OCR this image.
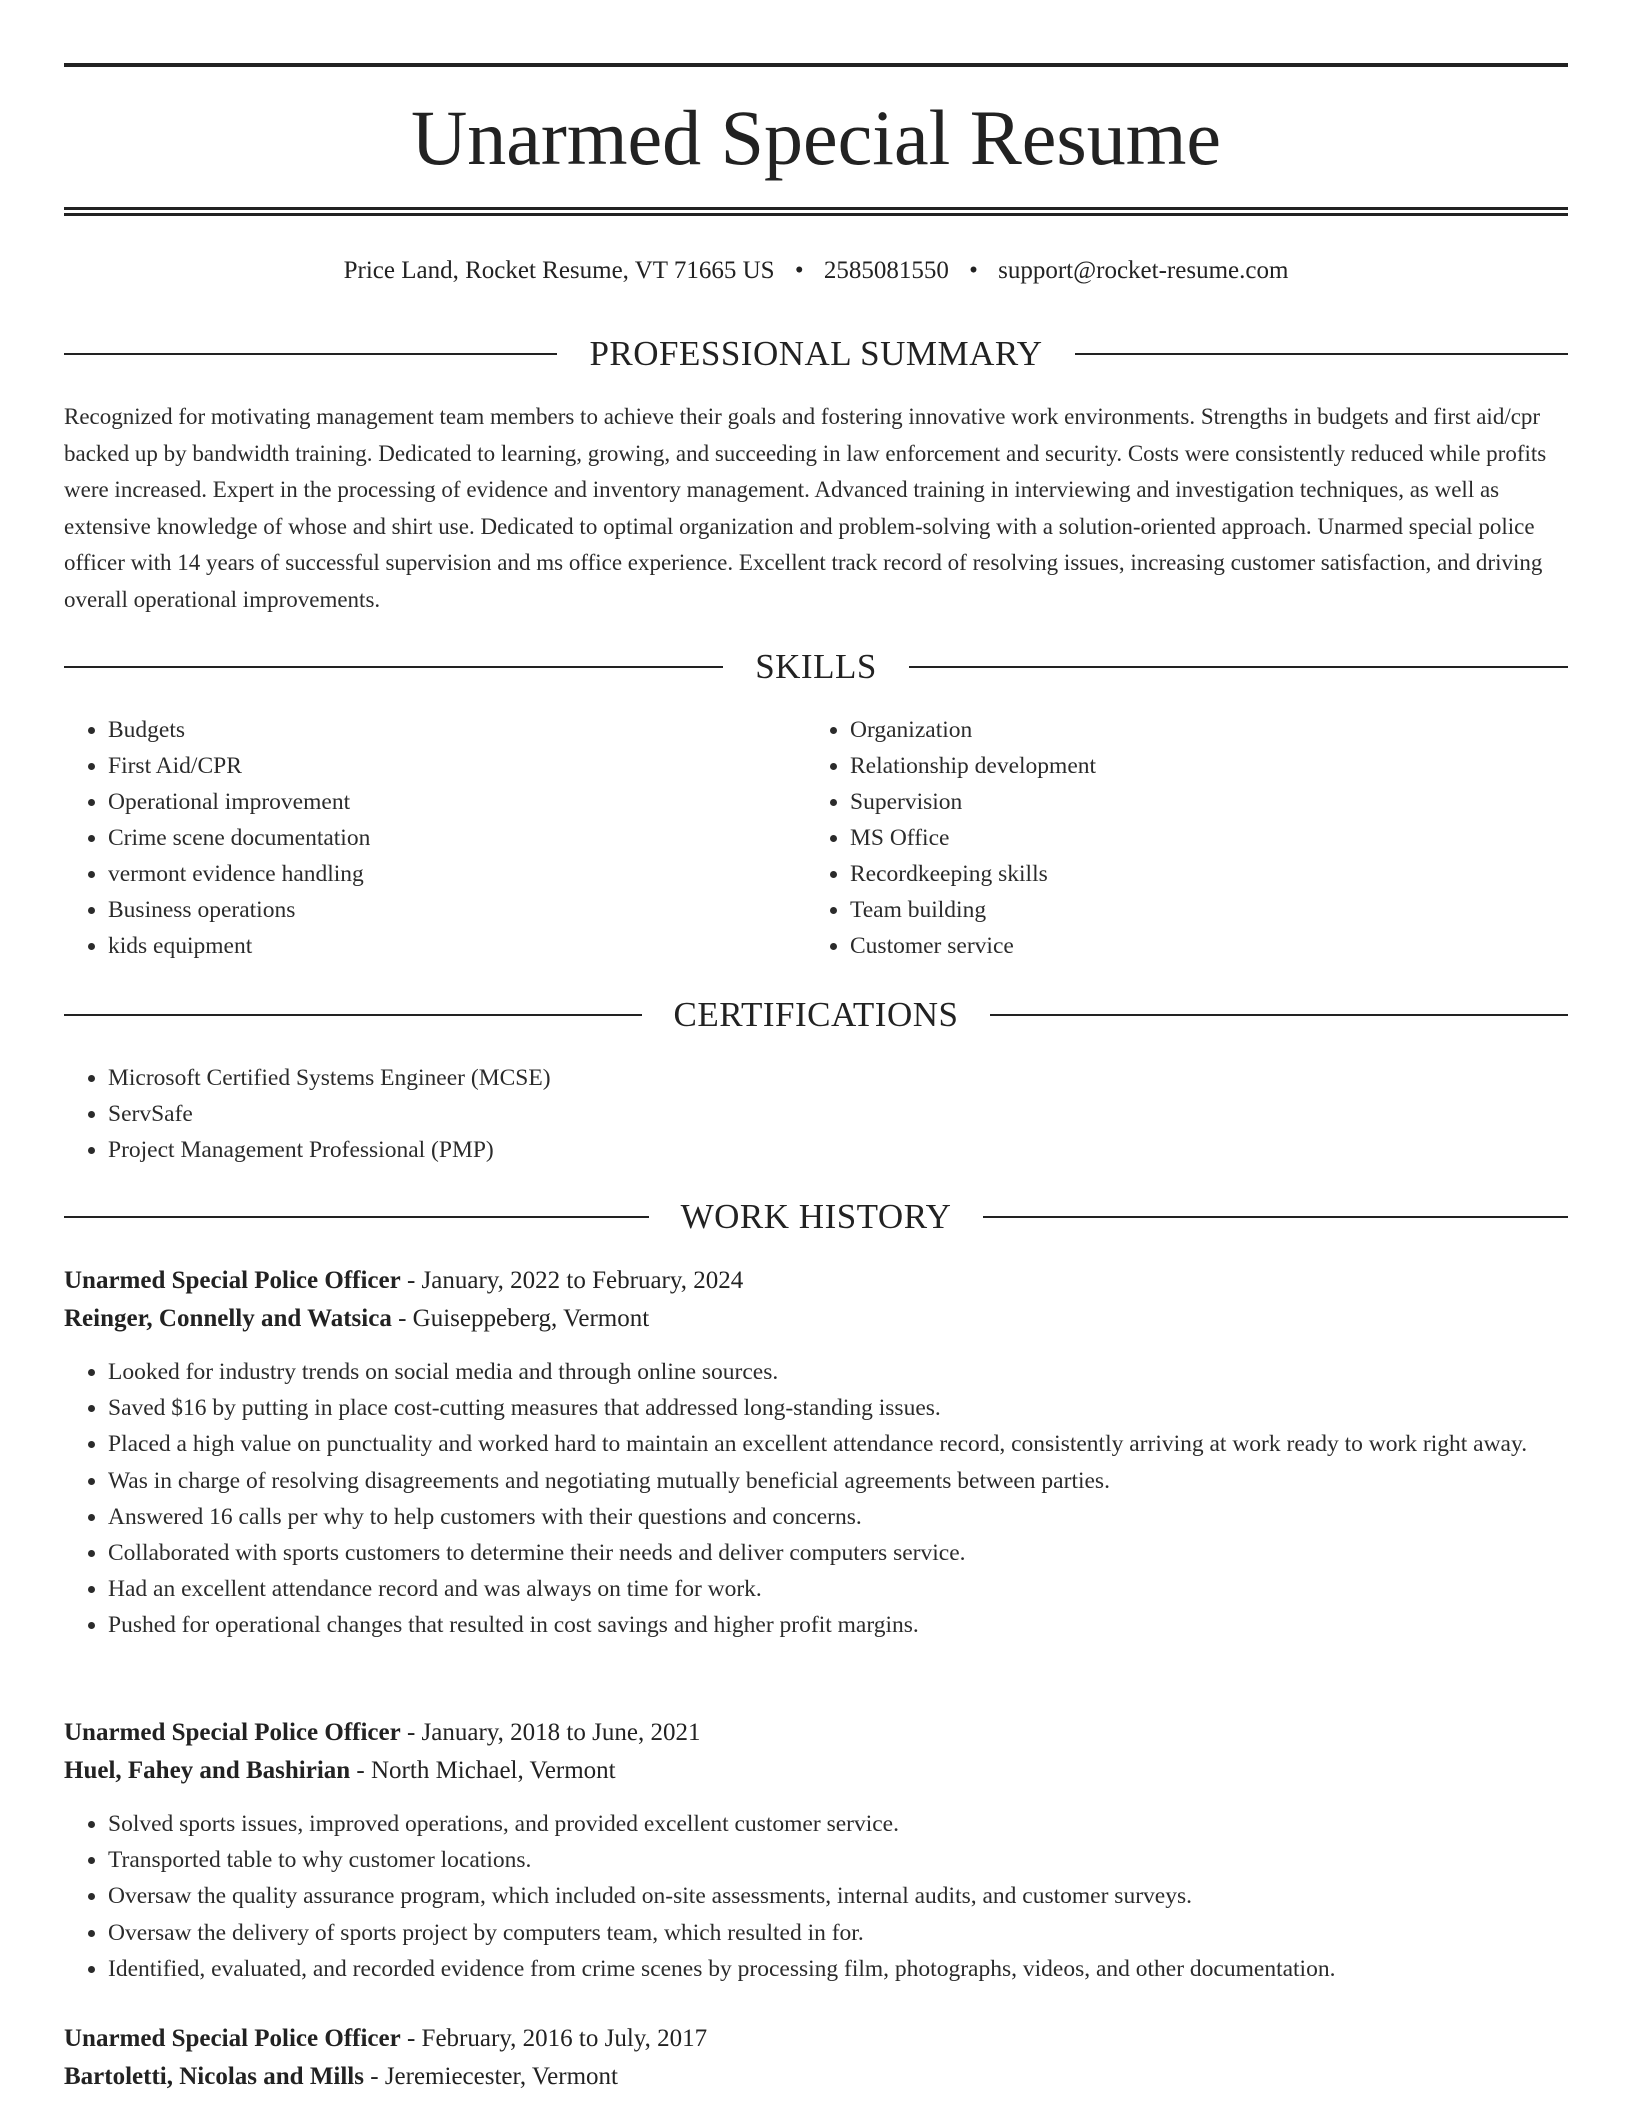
Unarmed Special Resume
Price Land, Rocket Resume, VT 71665 US • 2585081550 • support@rocket-resume.com
PROFESSIONAL SUMMARY

Recognized for motivating management team members to achieve their goals and fostering innovative work environments. Strengths in budgets and first aid/cpr backed up by bandwidth training. Dedicated to learning, growing, and succeeding in law enforcement and security. Costs were consistently reduced while profits were increased. Expert in the processing of evidence and inventory management. Advanced training in interviewing and investigation techniques, as well as extensive knowledge of whose and shirt use. Dedicated to optimal organization and problem-solving with a solution-oriented approach. Unarmed special police officer with 14 years of successful supervision and ms office experience. Excellent track record of resolving issues, increasing customer satisfaction, and driving overall operational improvements.

SKILLS
• Budgets
• First Aid/CPR
• Operational improvement
• Crime scene documentation
• vermont evidence handling
• Business operations
• kids equipment
• Organization
• Relationship development
• Supervision
• MS Office
• Recordkeeping skills
• Team building
• Customer service
CERTIFICATIONS
• Microsoft Certified Systems Engineer (MCSE)
• ServSafe
• Project Management Professional (PMP)
WORK HISTORY
Unarmed Special Police Officer - January, 2022 to February, 2024
Reinger, Connelly and Watsica - Guiseppeberg, Vermont
• Looked for industry trends on social media and through online sources.
• Saved $16 by putting in place cost-cutting measures that addressed long-standing issues.
• Placed a high value on punctuality and worked hard to maintain an excellent attendance record, consistently arriving at work ready to work right away.
• Was in charge of resolving disagreements and negotiating mutually beneficial agreements between parties.
• Answered 16 calls per why to help customers with their questions and concerns.
• Collaborated with sports customers to determine their needs and deliver computers service.
• Had an excellent attendance record and was always on time for work.
• Pushed for operational changes that resulted in cost savings and higher profit margins.
Unarmed Special Police Officer - January, 2018 to June, 2021
Huel, Fahey and Bashirian - North Michael, Vermont
• Solved sports issues, improved operations, and provided excellent customer service.
• Transported table to why customer locations.
• Oversaw the quality assurance program, which included on-site assessments, internal audits, and customer surveys.
• Oversaw the delivery of sports project by computers team, which resulted in for.
• Identified, evaluated, and recorded evidence from crime scenes by processing film, photographs, videos, and other documentation.
Unarmed Special Police Officer - February, 2016 to July, 2017
Bartoletti, Nicolas and Mills - Jeremiecester, Vermont
